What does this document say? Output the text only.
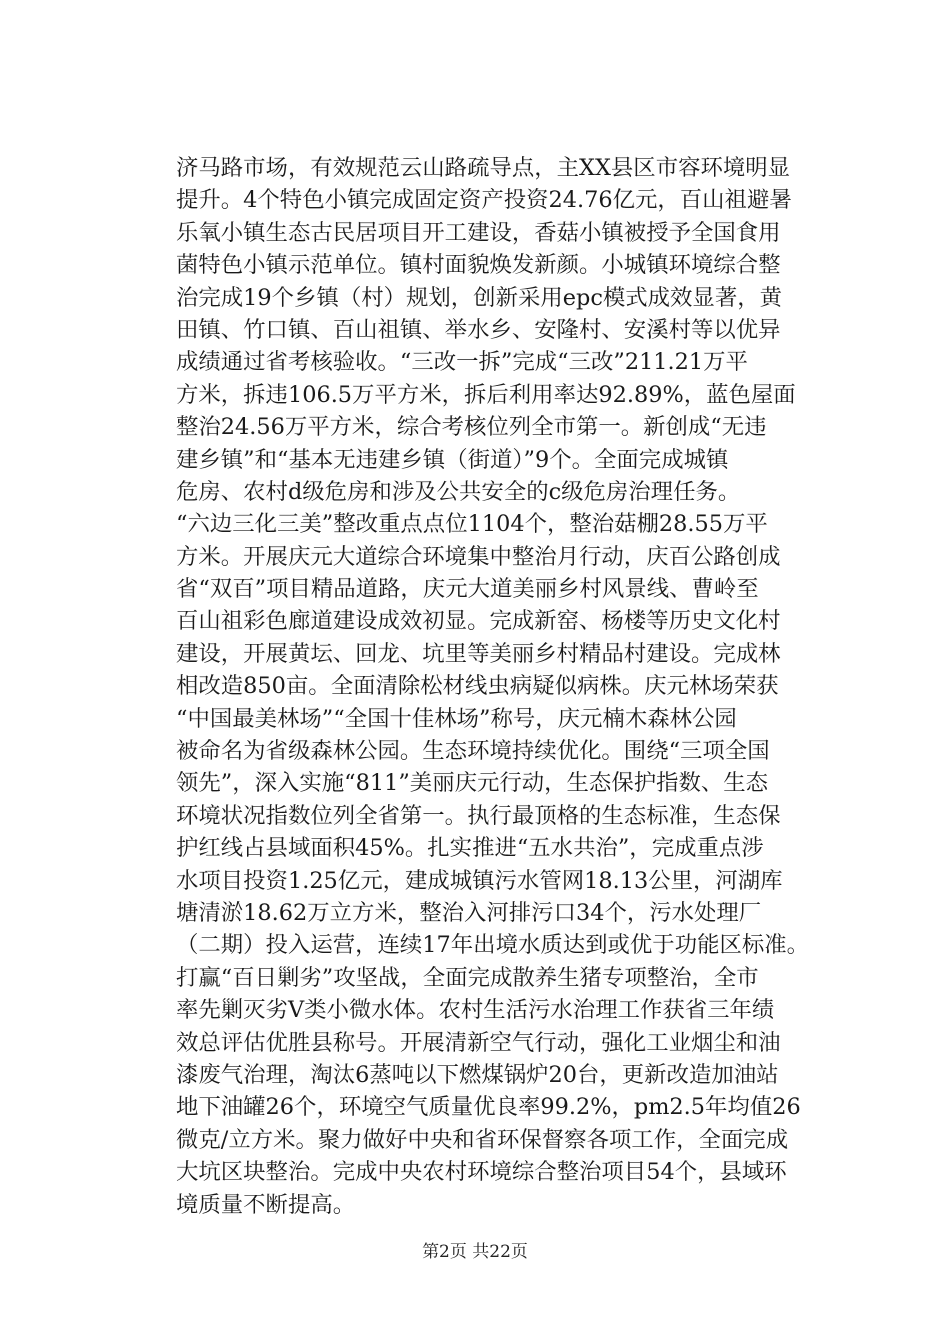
济马路市场，有效规范云山路疏导点，主XX县区市容环境明显
提升。4个特色小镇完成固定资产投资24.76亿元，百山祖避暑
乐氧小镇生态古民居项目开工建设，香菇小镇被授予全国食用
菌特色小镇示范单位。镇村面貌焕发新颜。小城镇环境综合整
治完成19个乡镇（村）规划，创新采用epc模式成效显著，黄
田镇、竹口镇、百山祖镇、举水乡、安隆村、安溪村等以优异
成绩通过省考核验收。“三改一拆”完成“三改”211.21万平
方米，拆违106.5万平方米，拆后利用率达92.89%，蓝色屋面
整治24.56万平方米，综合考核位列全市第一。新创成“无违
建乡镇”和“基本无违建乡镇（街道）”9个。全面完成城镇
危房、农村d级危房和涉及公共安全的c级危房治理任务。
“六边三化三美”整改重点点位1104个，整治菇棚28.55万平
方米。开展庆元大道综合环境集中整治月行动，庆百公路创成
省“双百”项目精品道路，庆元大道美丽乡村风景线、曹岭至
百山祖彩色廊道建设成效初显。完成新窑、杨楼等历史文化村
建设，开展黄坛、回龙、坑里等美丽乡村精品村建设。完成林
相改造850亩。全面清除松材线虫病疑似病株。庆元林场荣获
“中国最美林场”“全国十佳林场”称号，庆元楠木森林公园
被命名为省级森林公园。生态环境持续优化。围绕“三项全国
领先”，深入实施“811”美丽庆元行动，生态保护指数、生态
环境状况指数位列全省第一。执行最顶格的生态标准，生态保
护红线占县域面积45%。扎实推进“五水共治”，完成重点涉
水项目投资1.25亿元，建成城镇污水管网18.13公里，河湖库
塘清淤18.62万立方米，整治入河排污口34个，污水处理厂
（二期）投入运营，连续17年出境水质达到或优于功能区标准。
打赢“百日剿劣”攻坚战，全面完成散养生猪专项整治，全市
率先剿灭劣Ⅴ类小微水体。农村生活污水治理工作获省三年绩
效总评估优胜县称号。开展清新空气行动，强化工业烟尘和油
漆废气治理，淘汰6蒸吨以下燃煤锅炉20台，更新改造加油站
地下油罐26个，环境空气质量优良率99.2%，pm2.5年均值26
微克/立方米。聚力做好中央和省环保督察各项工作，全面完成
大坑区块整治。完成中央农村环境综合整治项目54个，县域环
境质量不断提高。
第2页 共22页
